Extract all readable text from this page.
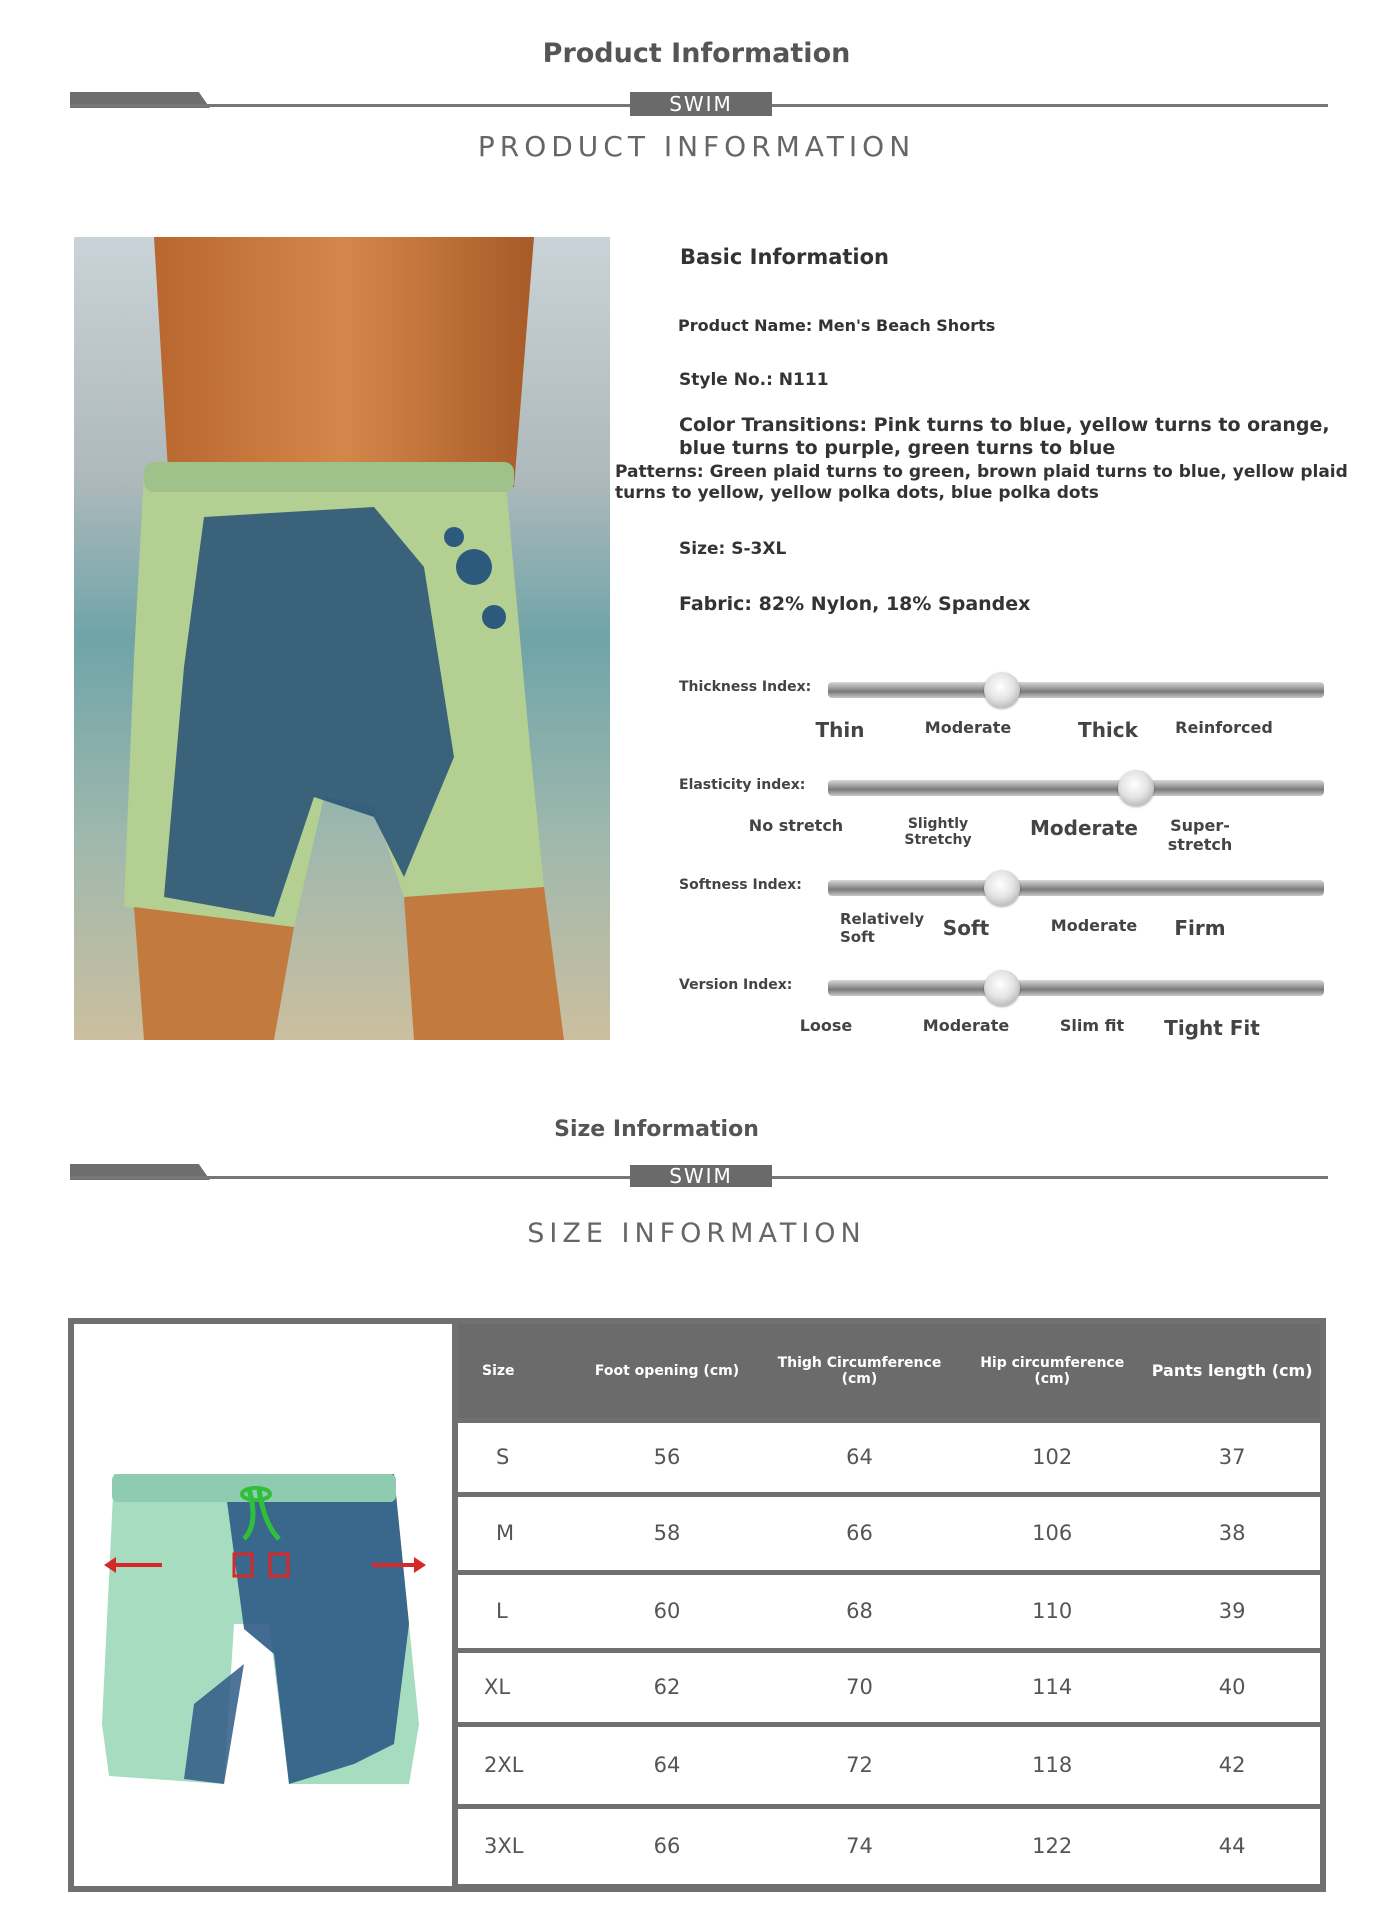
Product Information
SWIM
PRODUCT INFORMATION
Basic Information
Product Name: Men's Beach Shorts
Style No.: N111
Color Transitions: Pink turns to blue, yellow turns to orange, blue turns to purple, green turns to blue
Patterns: Green plaid turns to green, brown plaid turns to blue, yellow plaid turns to yellow, yellow polka dots, blue polka dots
Size: S-3XL
Fabric: 82% Nylon, 18% Spandex
Thickness Index:
Thin	Moderate	Thick	Reinforced
Elasticity index:
No stretch	Slightly Stretchy	Moderate	Super-stretch
Softness Index:
Relatively Soft	Soft	Moderate	Firm
Version Index:
Loose	Moderate	Slim fit	Tight Fit
Size Information
SWIM
SIZE INFORMATION
Size	Foot opening (cm)	Thigh Circumference (cm)	Hip circumference (cm)	Pants length (cm)
S	56	64	102	37
M	58	66	106	38
L	60	68	110	39
XL	62	70	114	40
2XL	64	72	118	42
3XL	66	74	122	44
